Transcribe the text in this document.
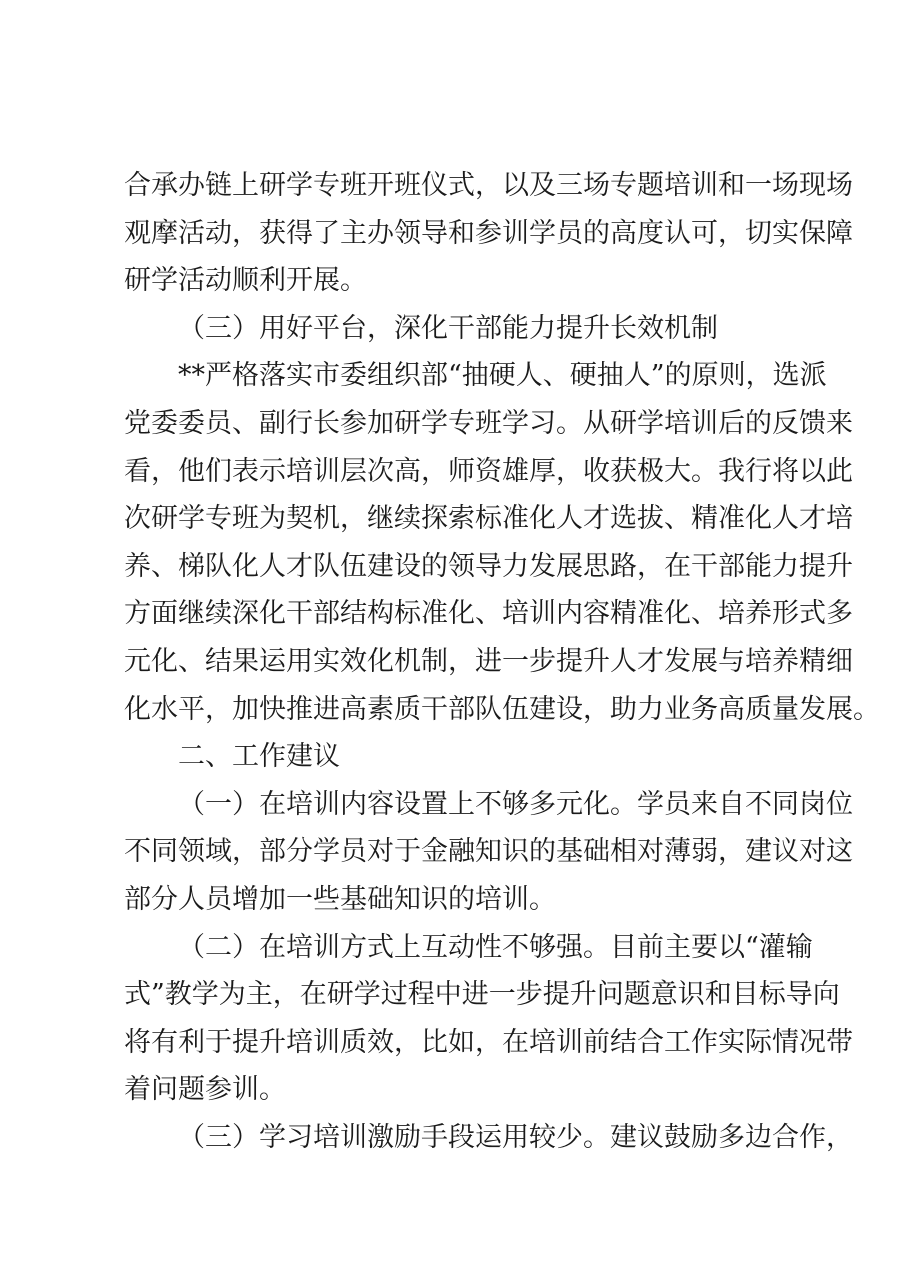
合承办链上研学专班开班仪式，以及三场专题培训和一场现场
观摩活动，获得了主办领导和参训学员的高度认可，切实保障
研学活动顺利开展。
（三）用好平台，深化干部能力提升长效机制
**严格落实市委组织部“抽硬人、硬抽人”的原则，选派
党委委员、副行长参加研学专班学习。从研学培训后的反馈来
看，他们表示培训层次高，师资雄厚，收获极大。我行将以此
次研学专班为契机，继续探索标准化人才选拔、精准化人才培
养、梯队化人才队伍建设的领导力发展思路，在干部能力提升
方面继续深化干部结构标准化、培训内容精准化、培养形式多
元化、结果运用实效化机制，进一步提升人才发展与培养精细
化水平，加快推进高素质干部队伍建设，助力业务高质量发展。
二、工作建议
（一）在培训内容设置上不够多元化。学员来自不同岗位
不同领域，部分学员对于金融知识的基础相对薄弱，建议对这
部分人员增加一些基础知识的培训。
（二）在培训方式上互动性不够强。目前主要以“灌输
式”教学为主，在研学过程中进一步提升问题意识和目标导向
将有利于提升培训质效，比如，在培训前结合工作实际情况带
着问题参训。
（三）学习培训激励手段运用较少。建议鼓励多边合作，
